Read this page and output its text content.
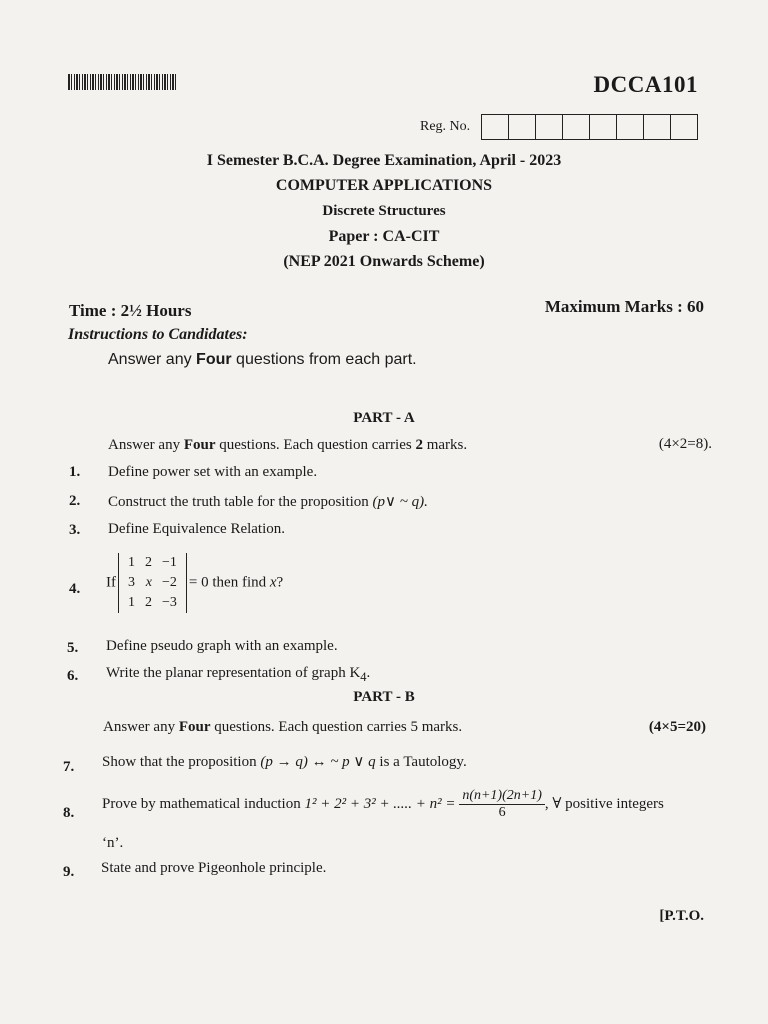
DCCA101
Reg. No.
I Semester B.C.A. Degree Examination, April - 2023
COMPUTER APPLICATIONS
Discrete Structures
Paper : CA-CIT
(NEP 2021 Onwards Scheme)
Time : 2½ Hours	Maximum Marks : 60
Instructions to Candidates:
Answer any Four questions from each part.
PART - A
Answer any Four questions. Each question carries 2 marks.	(4×2=8).
1. Define power set with an example.
2. Construct the truth table for the proposition (p∨ ~ q).
3. Define Equivalence Relation.
4. If
1	2	−1
3	x	−2
1	2	−3
= 0 then find x?
5. Define pseudo graph with an example.
6. Write the planar representation of graph $K_4$.
PART - B
Answer any Four questions. Each question carries 5 marks.	(4×5=20)
7. Show that the proposition (p → q) ↔ ~ p ∨ q is a Tautology.
8.
Prove by mathematical induction 1² + 2² + 3² + ..... + $n^2 = \frac{n(n+1)(2n+1)}{6}$ , ∀ positive integers
‘n’.
9. State and prove Pigeonhole principle.
[P.T.O.
